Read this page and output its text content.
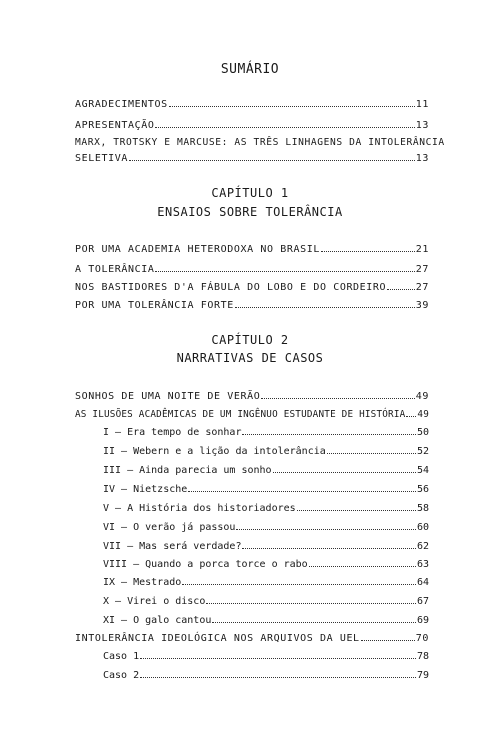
SUMÁRIO
AGRADECIMENTOS	11
APRESENTAÇÃO	13
MARX, TROTSKY E MARCUSE: AS TRÊS LINHAGENS DA INTOLERÂNCIA
SELETIVA	13
CAPÍTULO 1
ENSAIOS SOBRE TOLERÂNCIA
POR UMA ACADEMIA HETERODOXA NO BRASIL	21
A TOLERÂNCIA	27
NOS BASTIDORES D'A FÁBULA DO LOBO E DO CORDEIRO	27
POR UMA TOLERÂNCIA FORTE	39
CAPÍTULO 2
NARRATIVAS DE CASOS
SONHOS DE UMA NOITE DE VERÃO	49
AS ILUSÕES ACADÊMICAS DE UM INGÊNUO ESTUDANTE DE HISTÓRIA 49
I — Era tempo de sonhar	50
II — Webern e a lição da intolerância	52
III — Ainda parecia um sonho	54
IV — Nietzsche	56
V — A História dos historiadores	58
VI — O verão já passou	60
VII — Mas será verdade?	62
VIII — Quando a porca torce o rabo	63
IX — Mestrado	64
X — Virei o disco	67
XI — O galo cantou	69
INTOLERÂNCIA IDEOLÓGICA NOS ARQUIVOS DA UEL	70
Caso 1	78
Caso 2	79
